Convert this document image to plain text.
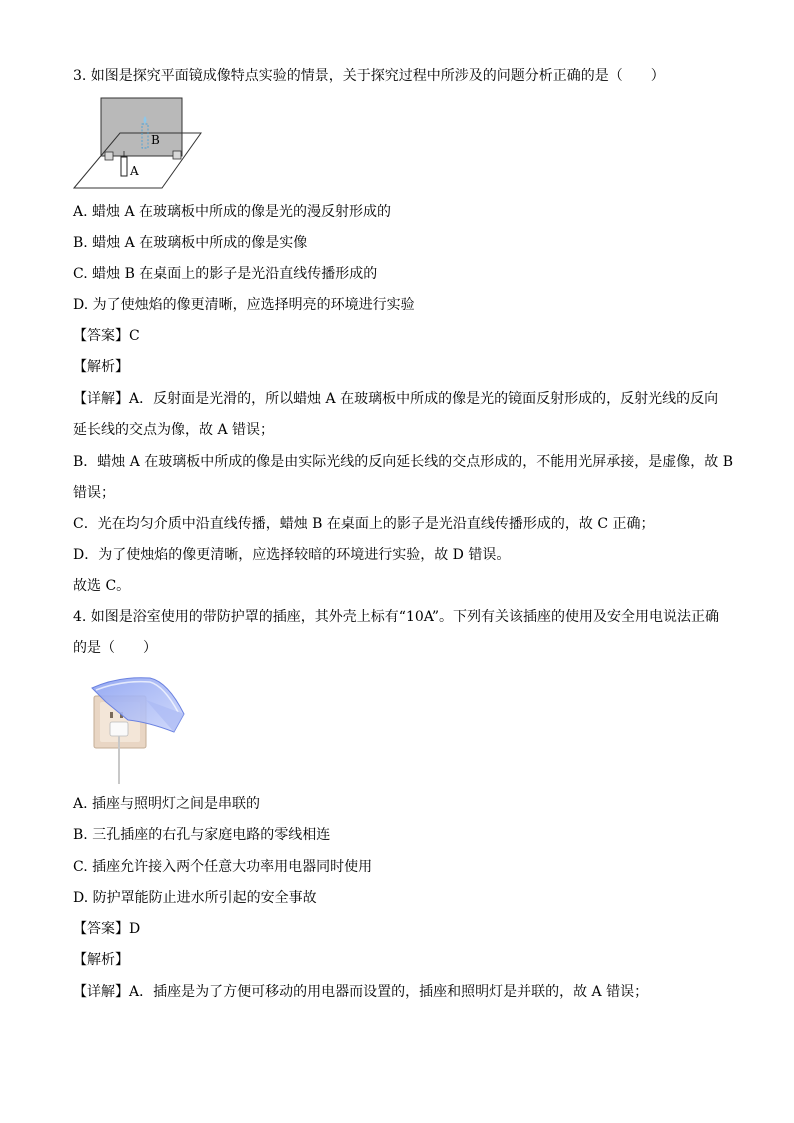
3. 如图是探究平面镜成像特点实验的情景，关于探究过程中所涉及的问题分析正确的是（　　）
A
B
A. 蜡烛 A 在玻璃板中所成的像是光的漫反射形成的
B. 蜡烛 A 在玻璃板中所成的像是实像
C. 蜡烛 B 在桌面上的影子是光沿直线传播形成的
D. 为了使烛焰的像更清晰，应选择明亮的环境进行实验
【答案】C
【解析】
【详解】A．反射面是光滑的，所以蜡烛 A 在玻璃板中所成的像是光的镜面反射形成的，反射光线的反向
延长线的交点为像，故 A 错误；
B．蜡烛 A 在玻璃板中所成的像是由实际光线的反向延长线的交点形成的，不能用光屏承接，是虚像，故 B
错误；
C．光在均匀介质中沿直线传播，蜡烛 B 在桌面上的影子是光沿直线传播形成的，故 C 正确；
D．为了使烛焰的像更清晰，应选择较暗的环境进行实验，故 D 错误。
故选 C。
4. 如图是浴室使用的带防护罩的插座，其外壳上标有“10A”。下列有关该插座的使用及安全用电说法正确
的是（　　）
A. 插座与照明灯之间是串联的
B. 三孔插座的右孔与家庭电路的零线相连
C. 插座允许接入两个任意大功率用电器同时使用
D. 防护罩能防止进水所引起的安全事故
【答案】D
【解析】
【详解】A．插座是为了方便可移动的用电器而设置的，插座和照明灯是并联的，故 A 错误；
